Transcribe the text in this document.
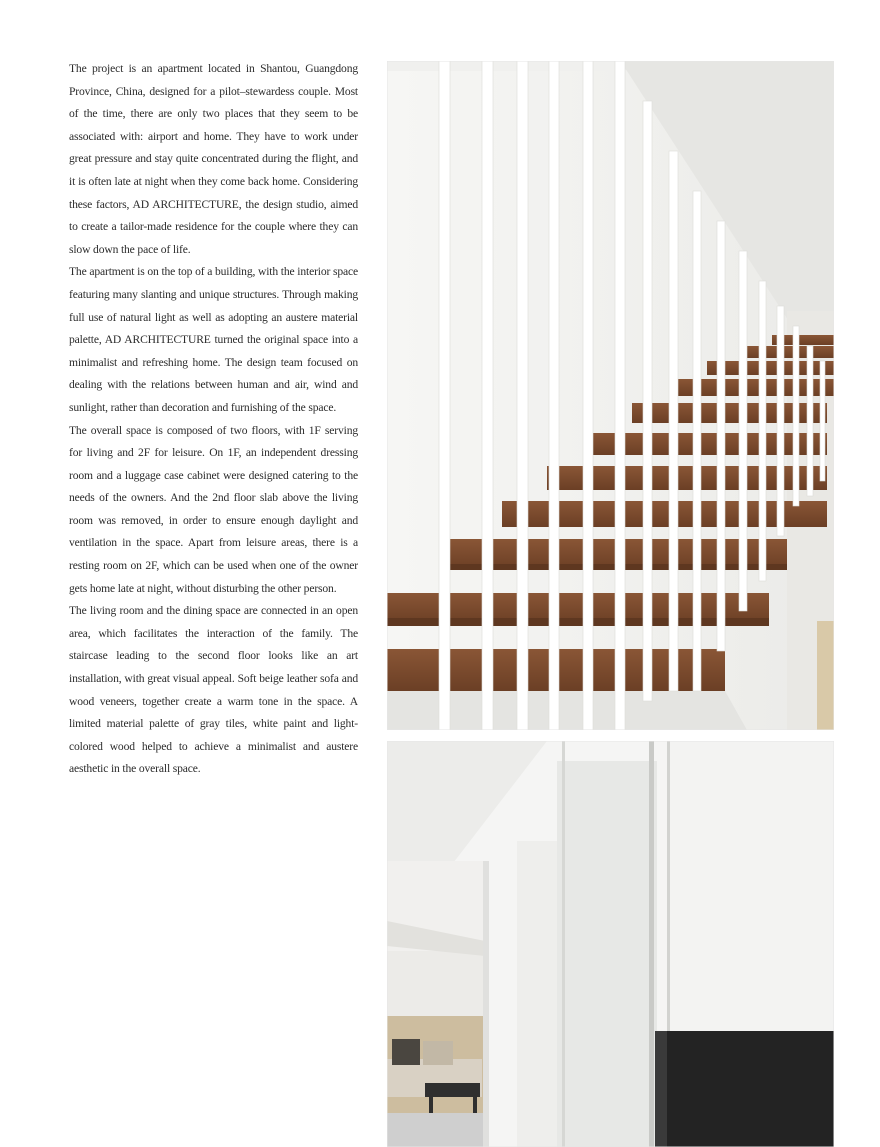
The project is an apartment located in Shantou, Guangdong Province, China, designed for a pilot–stewardess couple. Most of the time, there are only two places that they seem to be associated with: airport and home. They have to work under great pressure and stay quite concentrated during the flight, and it is often late at night when they come back home. Considering these factors, AD ARCHITECTURE, the design studio, aimed to create a tailor-made residence for the couple where they can slow down the pace of life.

The apartment is on the top of a building, with the interior space featuring many slanting and unique structures. Through making full use of natural light as well as adopting an austere material palette, AD ARCHITECTURE turned the original space into a minimalist and refreshing home. The design team focused on dealing with the relations between human and air, wind and sunlight, rather than decoration and furnishing of the space.

The overall space is composed of two floors, with 1F serving for living and 2F for leisure. On 1F, an independent dressing room and a luggage case cabinet were designed catering to the needs of the owners. And the 2nd floor slab above the living room was removed, in order to ensure enough daylight and ventilation in the space. Apart from leisure areas, there is a resting room on 2F, which can be used when one of the owner gets home late at night, without disturbing the other person.

The living room and the dining space are connected in an open area, which facilitates the interaction of the family. The staircase leading to the second floor looks like an art installation, with great visual appeal. Soft beige leather sofa and wood veneers, together create a warm tone in the space. A limited material palette of gray tiles, white paint and light-colored wood helped to achieve a minimalist and austere aesthetic in the overall space.
